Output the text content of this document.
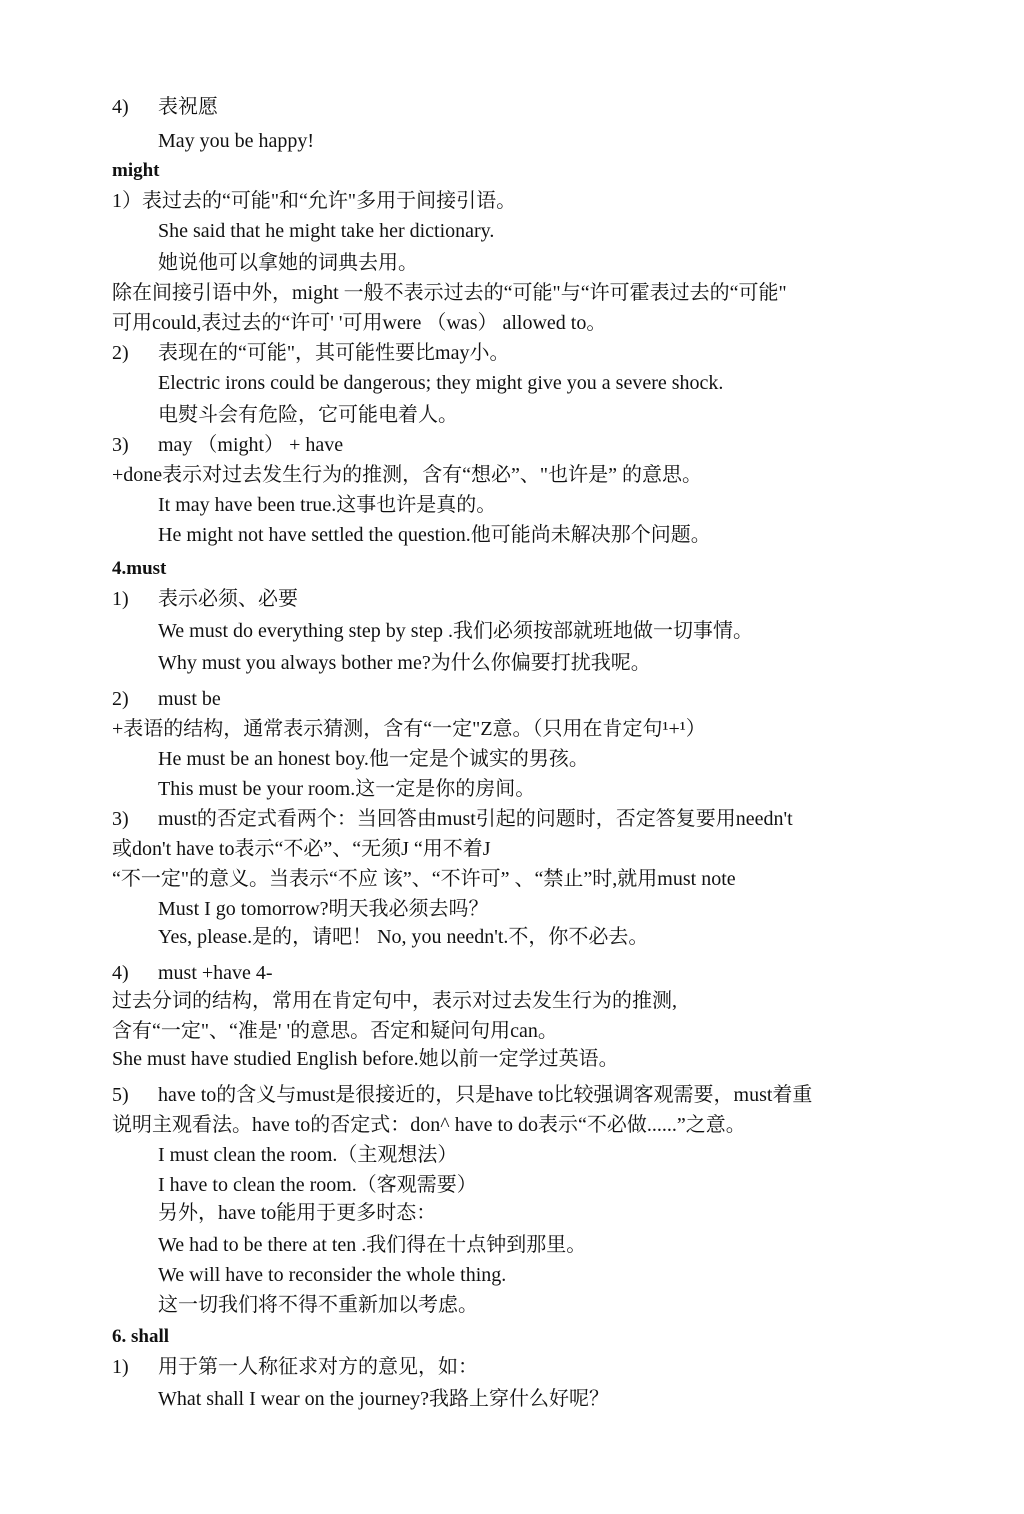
4) 表祝愿
May you be happy!
might
1）表过去的“可能"和“允许"多用于间接引语。
She said that he might take her dictionary.
她说他可以拿她的词典去用。
除在间接引语中外，might 一般不表示过去的“可能"与“许可霍表过去的“可能"
可用could,表过去的“许可' '可用were （was） allowed to。
2) 表现在的“可能"，其可能性要比may小。
Electric irons could be dangerous; they might give you a severe shock.
电熨斗会有危险，它可能电着人。
3) may （might） + have
+done表示对过去发生行为的推测，含有“想必”、"也许是” 的意思。
It may have been true.这事也许是真的。
He might not have settled the question.他可能尚未解决那个问题。
4.must
1) 表示必须、必要
We must do everything step by step .我们必须按部就班地做一切事情。
Why must you always bother me?为什么你偏要打扰我呢。
2) must be
+表语的结构，通常表示猜测，含有“一定"Z意。（只用在肯定句¹+¹）
He must be an honest boy.他一定是个诚实的男孩。
This must be your room.这一定是你的房间。
3) must的否定式看两个：当回答由must引起的问题时，否定答复要用needn't
或don't have to表示“不必”、“无须J “用不着J
“不一定"的意义。当表示“不应 该”、“不许可” 、“禁止”时,就用must note
Must I go tomorrow?明天我必须去吗？
Yes, please.是的，请吧！ No, you needn't.不，你不必去。
4) must +have 4-
过去分词的结构，常用在肯定句中，表示对过去发生行为的推测,
含有“一定"、“准是' '的意思。否定和疑问句用can。
She must have studied English before.她以前一定学过英语。
5) have to的含义与must是很接近的，只是have to比较强调客观需要，must着重
说明主观看法。have to的否定式：don^ have to do表示“不必做......”之意。
I must clean the room.（主观想法）
I have to clean the room.（客观需要）
另外，have to能用于更多时态：
We had to be there at ten .我们得在十点钟到那里。
We will have to reconsider the whole thing.
这一切我们将不得不重新加以考虑。
6. shall
1) 用于第一人称征求对方的意见，如：
What shall I wear on the journey?我路上穿什么好呢？
